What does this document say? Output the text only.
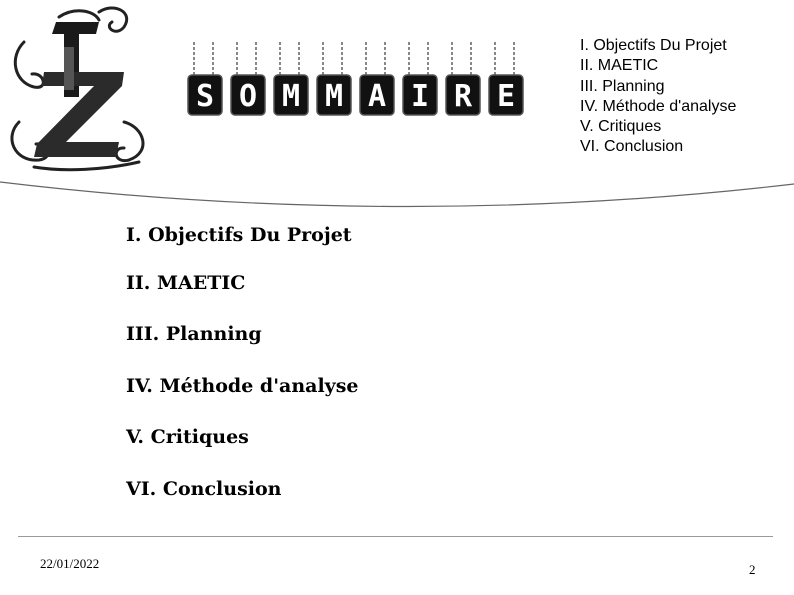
S O M M A I R E
I. Objectifs Du Projet
II. MAETIC
III. Planning
IV. Méthode d'analyse
V. Critiques
VI. Conclusion
I. Objectifs Du Projet
II. MAETIC
III. Planning
IV. Méthode d'analyse
V. Critiques
VI. Conclusion
22/01/2022	2
